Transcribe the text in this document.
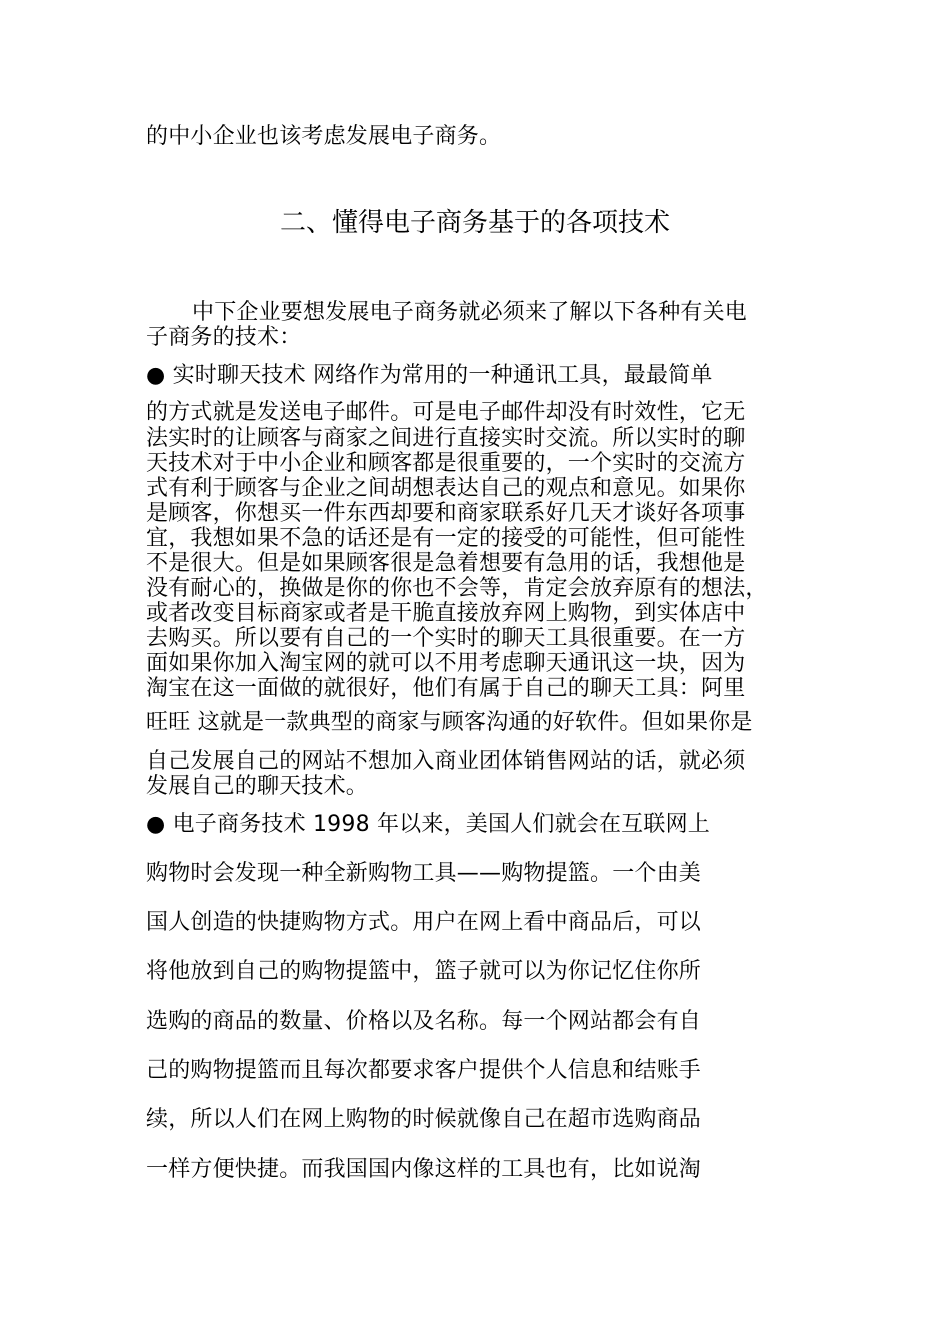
的中小企业也该考虑发展电子商务。
二、懂得电子商务基于的各项技术
中下企业要想发展电子商务就必须来了解以下各种有关电
子商务的技术：
● 实时聊天技术 网络作为常用的一种通讯工具，最最简单
的方式就是发送电子邮件。可是电子邮件却没有时效性，它无
法实时的让顾客与商家之间进行直接实时交流。所以实时的聊
天技术对于中小企业和顾客都是很重要的，一个实时的交流方
式有利于顾客与企业之间胡想表达自己的观点和意见。如果你
是顾客，你想买一件东西却要和商家联系好几天才谈好各项事
宜，我想如果不急的话还是有一定的接受的可能性，但可能性
不是很大。但是如果顾客很是急着想要有急用的话，我想他是
没有耐心的，换做是你的你也不会等，肯定会放弃原有的想法，
或者改变目标商家或者是干脆直接放弃网上购物，到实体店中
去购买。所以要有自己的一个实时的聊天工具很重要。在一方
面如果你加入淘宝网的就可以不用考虑聊天通讯这一块，因为
淘宝在这一面做的就很好，他们有属于自己的聊天工具：阿里
旺旺 这就是一款典型的商家与顾客沟通的好软件。但如果你是
自己发展自己的网站不想加入商业团体销售网站的话，就必须
发展自己的聊天技术。
● 电子商务技术 1998 年以来，美国人们就会在互联网上
购物时会发现一种全新购物工具——购物提篮。一个由美
国人创造的快捷购物方式。用户在网上看中商品后，可以
将他放到自己的购物提篮中，篮子就可以为你记忆住你所
选购的商品的数量、价格以及名称。每一个网站都会有自
己的购物提篮而且每次都要求客户提供个人信息和结账手
续，所以人们在网上购物的时候就像自己在超市选购商品
一样方便快捷。而我国国内像这样的工具也有，比如说淘
